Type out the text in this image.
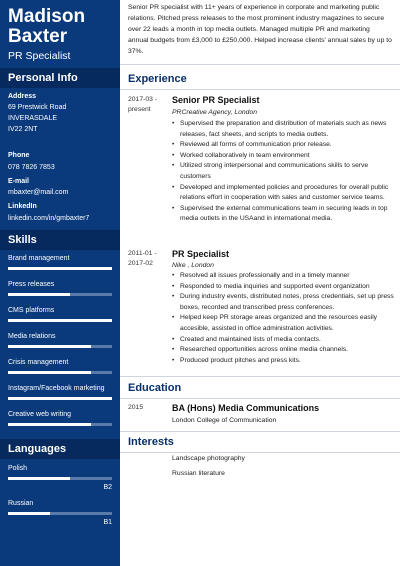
Madison
Baxter
PR Specialist
Personal Info
Address
69 Prestwick Road
INVERASDALE
IV22 2NT
Phone
078 7826 7853
E-mail
mbaxter@mail.com
LinkedIn
linkedin.com/in/gmbaxter7
Skills
Brand management
Press releases
CMS platforms
Media relations
Crisis management
Instagram/Facebook marketing
Creative web writing
Languages
Polish
B2
Russian
B1
Senior PR specialist with 11+ years of experience in corporate and marketing public relations. Pitched press releases to the most prominent industry magazines to secure over 22 leads a month in top media outlets. Managed multiple PR and marketing annual budgets from £3,000 to £250,000. Helped increase clients' annual sales by up to 37%.
Experience
2017-03 -
present
Senior PR Specialist
PRCreative Agency, London
• Supervised the preparation and distribution of materials such as news releases, fact sheets, and scripts to media outlets.
• Reviewed all forms of communication prior release.
• Worked collaboratively in team environment
• Utilized strong interpersonal and communications skills to serve customers
• Developed and implemented policies and procedures for overall public relations effort in cooperation with sales and customer service teams.
• Supervised the external communications team in securing leads in top media outlets in the USAand in international media.
2011-01 -
2017-02
PR Specialist
Nike , London
• Resolved all issues professionally and in a timely manner
• Responded to media inquiries and supported event organization
• During industry events, distributed notes, press credentials, set up press boxes, recorded and transcribed press conferences.
• Helped keep PR storage areas organized and the resources easily accesible, assisted in office administration activities.
• Created and maintained lists of media contacts.
• Researched opportunities across online media channels.
• Produced product pitches and press kits.
Education
2015	BA (Hons) Media Communications
London College of Communication
Interests
Landscape photography
Russian literature
